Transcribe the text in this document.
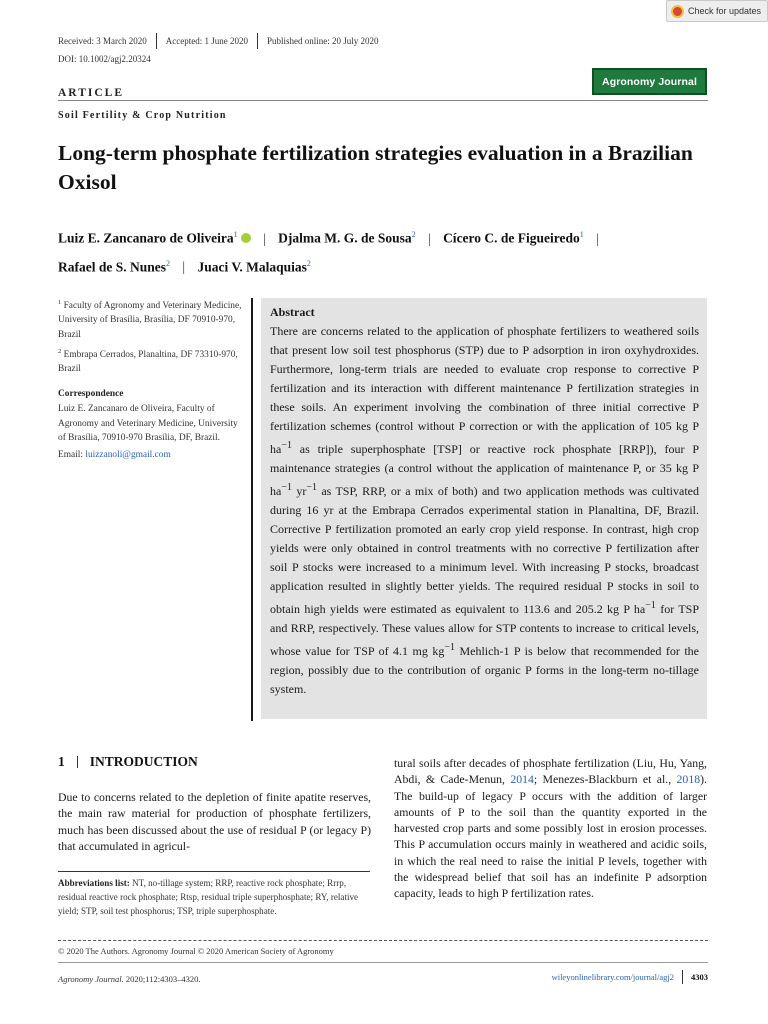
Check for updates
Received: 3 March 2020 Accepted: 1 June 2020 Published online: 20 July 2020
DOI: 10.1002/agj2.20324
Agronomy Journal
ARTICLE
Soil Fertility & Crop Nutrition
Long-term phosphate fertilization strategies evaluation in a Brazilian Oxisol
Luiz E. Zancanaro de Oliveira$^1$ | Djalma M. G. de Sousa$^2$ | Cícero C. de Figueiredo$^1$ |
Rafael de S. Nunes$^2$ | Juaci V. Malaquias$^2$

$^1$ Faculty of Agronomy and Veterinary Medicine, University of Brasília, Brasília, DF 70910-970, Brazil

$^2$ Embrapa Cerrados, Planaltina, DF 73310-970, Brazil

Correspondence

Luiz E. Zancanaro de Oliveira, Faculty of Agronomy and Veterinary Medicine, University of Brasília, 70910-970 Brasília, DF, Brazil.

Email: luizzanoli@gmail.com

Abstract
There are concerns related to the application of phosphate fertilizers to weathered soils that present low soil test phosphorus (STP) due to P adsorption in iron oxyhydroxides. Furthermore, long-term trials are needed to evaluate crop response to corrective P fertilization and its interaction with different maintenance P fertilization strategies in these soils. An experiment involving the combination of three initial corrective P fertilization schemes (control without P correction or with the application of 105 kg P $ha^{-1}$ as triple superphosphate [TSP] or reactive rock phosphate [RRP]), four P maintenance strategies (a control without the application of maintenance P, or 35 kg P $ha^{-1}$ $yr^{-1}$ as TSP, RRP, or a mix of both) and two application methods was cultivated during 16 yr at the Embrapa Cerrados experimental station in Planaltina, DF, Brazil. Corrective P fertilization promoted an early crop yield response. In contrast, high crop yields were only obtained in control treatments with no corrective P fertilization after soil P stocks were increased to a minimum level. With increasing P stocks, broadcast application resulted in slightly better yields. The required residual P stocks in soil to obtain high yields were estimated as equivalent to 113.6 and 205.2 kg P $ha^{-1}$ for TSP and RRP, respectively. These values allow for STP contents to increase to critical levels, whose value for TSP of 4.1 mg $kg^{-1}$ Mehlich-1 P is below that recommended for the region, possibly due to the contribution of organic P forms in the long-term no-tillage system.
1 INTRODUCTION
Due to concerns related to the depletion of finite apatite reserves, the main raw material for production of phosphate fertilizers, much has been discussed about the use of residual P (or legacy P) that accumulated in agricul-
tural soils after decades of phosphate fertilization (Liu, Hu, Yang, Abdi, & Cade-Menun, 2014; Menezes-Blackburn et al., 2018). The build-up of legacy P occurs with the addition of larger amounts of P to the soil than the quantity exported in the harvested crop parts and some possibly lost in erosion processes. This P accumulation occurs mainly in weathered and acidic soils, in which the real need to raise the initial P levels, together with the widespread belief that soil has an indefinite P adsorption capacity, leads to high P fertilization rates.
Abbreviations list: NT, no-tillage system; RRP, reactive rock phosphate; Rrrp, residual reactive rock phosphate; Rtsp, residual triple superphosphate; RY, relative yield; STP, soil test phosphorus; TSP, triple superphosphate.
© 2020 The Authors. Agronomy Journal © 2020 American Society of Agronomy
Agronomy Journal. 2020;112:4303–4320.	wileyonlinelibrary.com/journal/agj2 4303
